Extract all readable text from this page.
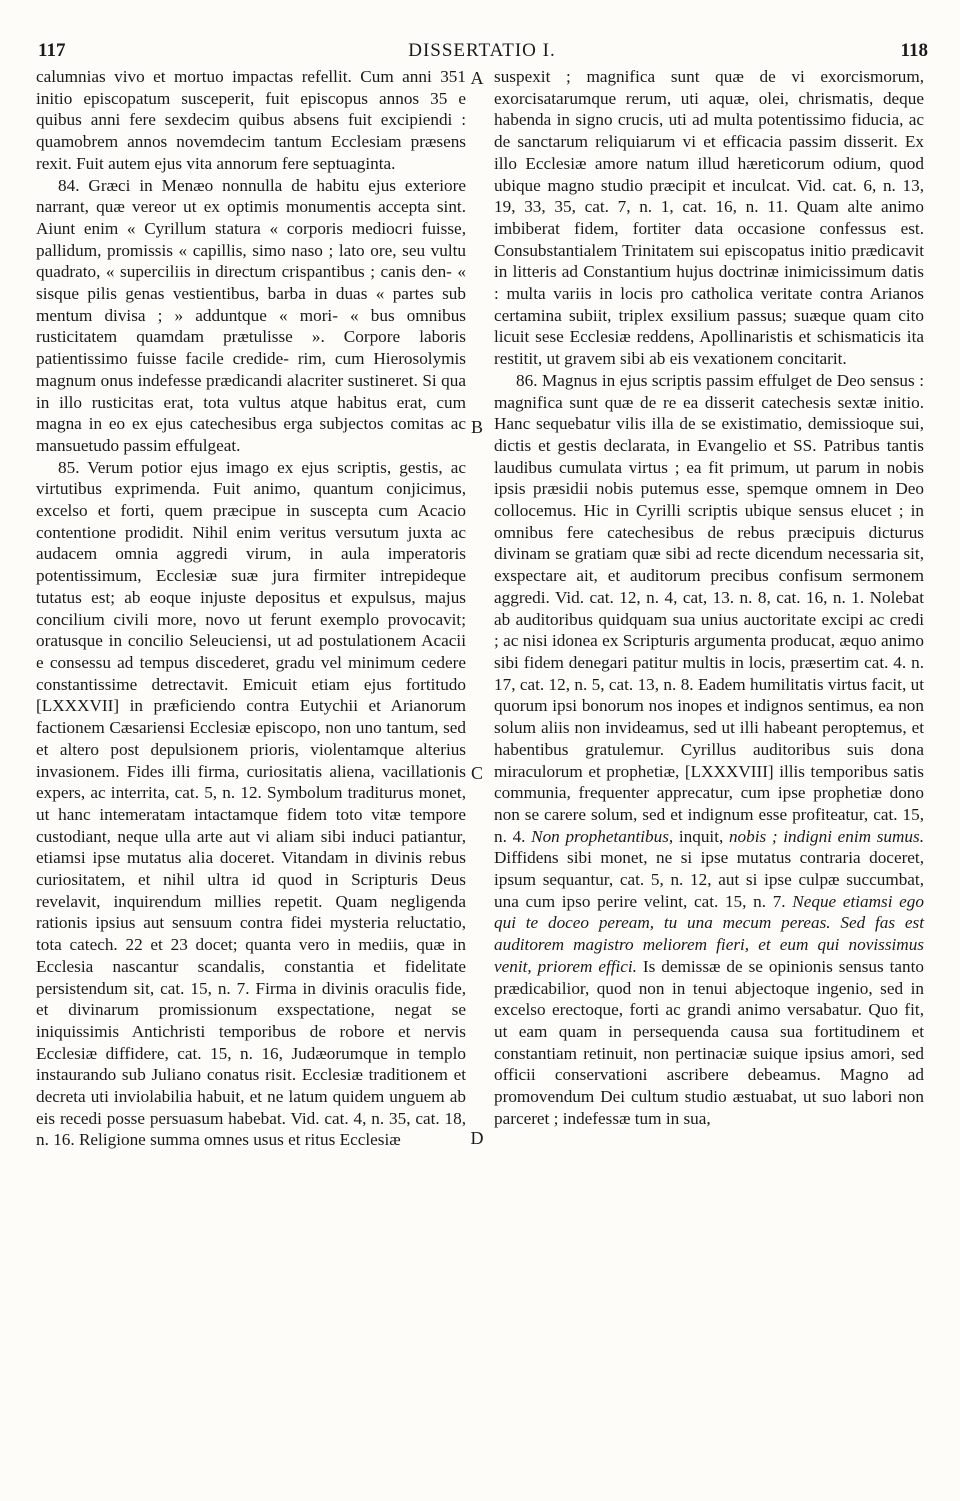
117	DISSERTATIO I.	118

calumnias vivo et mortuo impactas refellit. Cum anni 351 initio episcopatum susceperit, fuit episcopus annos 35 e quibus anni fere sexdecim quibus absens fuit excipiendi : quamobrem annos novemdecim tantum Ecclesiam præsens rexit. Fuit autem ejus vita annorum fere septuaginta.

84. Græci in Menæo nonnulla de habitu ejus exteriore narrant, quæ vereor ut ex optimis monumentis accepta sint. Aiunt enim « Cyrillum statura « corporis mediocri fuisse, pallidum, promissis « capillis, simo naso ; lato ore, seu vultu quadrato, « superciliis in directum crispantibus ; canis den- « sisque pilis genas vestientibus, barba in duas « partes sub mentum divisa ; » adduntque « mori- « bus omnibus rusticitatem quamdam prætulisse ». Corpore laboris patientissimo fuisse facile credide- rim, cum Hierosolymis magnum onus indefesse prædicandi alacriter sustineret. Si qua in illo rusticitas erat, tota vultus atque habitus erat, cum magna in eo ex ejus catechesibus erga subjectos comitas ac mansuetudo passim effulgeat.

85. Verum potior ejus imago ex ejus scriptis, gestis, ac virtutibus exprimenda. Fuit animo, quantum conjicimus, excelso et forti, quem præcipue in suscepta cum Acacio contentione prodidit. Nihil enim veritus versutum juxta ac audacem omnia aggredi virum, in aula imperatoris potentissimum, Ecclesiæ suæ jura firmiter intrepideque tutatus est; ab eoque injuste depositus et expulsus, majus concilium civili more, novo ut ferunt exemplo provocavit; oratusque in concilio Seleuciensi, ut ad postulationem Acacii e consessu ad tempus discederet, gradu vel minimum cedere constantissime detrectavit. Emicuit etiam ejus fortitudo [LXXXVII] in præficiendo contra Eutychii et Arianorum factionem Cæsariensi Ecclesiæ episcopo, non uno tantum, sed et altero post depulsionem prioris, violentamque alterius invasionem. Fides illi firma, curiositatis aliena, vacillationis expers, ac interrita, cat. 5, n. 12. Symbolum traditurus monet, ut hanc intemeratam intactamque fidem toto vitæ tempore custodiant, neque ulla arte aut vi aliam sibi induci patiantur, etiamsi ipse mutatus alia doceret. Vitandam in divinis rebus curiositatem, et nihil ultra id quod in Scripturis Deus revelavit, inquirendum millies repetit. Quam negligenda rationis ipsius aut sensuum contra fidei mysteria reluctatio, tota catech. 22 et 23 docet; quanta vero in mediis, quæ in Ecclesia nascantur scandalis, constantia et fidelitate persistendum sit, cat. 15, n. 7. Firma in divinis oraculis fide, et divinarum promissionum exspectatione, negat se iniquissimis Antichristi temporibus de robore et nervis Ecclesiæ diffidere, cat. 15, n. 16, Judæorumque in templo instaurando sub Juliano conatus risit. Ecclesiæ traditionem et decreta uti inviolabilia habuit, et ne latum quidem unguem ab eis recedi posse persuasum habebat. Vid. cat. 4, n. 35, cat. 18, n. 16. Religione summa omnes usus et ritus Ecclesiæ

A
B
C
D

suspexit ; magnifica sunt quæ de vi exorcismorum, exorcisatarumque rerum, uti aquæ, olei, chrismatis, deque habenda in signo crucis, uti ad multa potentissimo fiducia, ac de sanctarum reliquiarum vi et efficacia passim disserit. Ex illo Ecclesiæ amore natum illud hæreticorum odium, quod ubique magno studio præcipit et inculcat. Vid. cat. 6, n. 13, 19, 33, 35, cat. 7, n. 1, cat. 16, n. 11. Quam alte animo imbiberat fidem, fortiter data occasione confessus est. Consubstantialem Trinitatem sui episcopatus initio prædicavit in litteris ad Constantium hujus doctrinæ inimicissimum datis : multa variis in locis pro catholica veritate contra Arianos certamina subiit, triplex exsilium passus; suæque quam cito licuit sese Ecclesiæ reddens, Apollinaristis et schismaticis ita restitit, ut gravem sibi ab eis vexationem concitarit.

86. Magnus in ejus scriptis passim effulget de Deo sensus : magnifica sunt quæ de re ea disserit catechesis sextæ initio. Hanc sequebatur vilis illa de se existimatio, demissioque sui, dictis et gestis declarata, in Evangelio et SS. Patribus tantis laudibus cumulata virtus ; ea fit primum, ut parum in nobis ipsis præsidii nobis putemus esse, spemque omnem in Deo collocemus. Hic in Cyrilli scriptis ubique sensus elucet ; in omnibus fere catechesibus de rebus præcipuis dicturus divinam se gratiam quæ sibi ad recte dicendum necessaria sit, exspectare ait, et auditorum precibus confisum sermonem aggredi. Vid. cat. 12, n. 4, cat, 13. n. 8, cat. 16, n. 1. Nolebat ab auditoribus quidquam sua unius auctoritate excipi ac credi ; ac nisi idonea ex Scripturis argumenta producat, æquo animo sibi fidem denegari patitur multis in locis, præsertim cat. 4. n. 17, cat. 12, n. 5, cat. 13, n. 8. Eadem humilitatis virtus facit, ut quorum ipsi bonorum nos inopes et indignos sentimus, ea non solum aliis non invideamus, sed ut illi habeant peroptemus, et habentibus gratulemur. Cyrillus auditoribus suis dona miraculorum et prophetiæ, [LXXXVIII] illis temporibus satis communia, frequenter apprecatur, cum ipse prophetiæ dono non se carere solum, sed et indignum esse profiteatur, cat. 15, n. 4. Non prophetantibus, inquit, nobis ; indigni enim sumus. Diffidens sibi monet, ne si ipse mutatus contraria doceret, ipsum sequantur, cat. 5, n. 12, aut si ipse culpæ succumbat, una cum ipso perire velint, cat. 15, n. 7. Neque etiamsi ego qui te doceo peream, tu una mecum pereas. Sed fas est auditorem magistro meliorem fieri, et eum qui novissimus venit, priorem effici. Is demissæ de se opinionis sensus tanto prædicabilior, quod non in tenui abjectoque ingenio, sed in excelso erectoque, forti ac grandi animo versabatur. Quo fit, ut eam quam in persequenda causa sua fortitudinem et constantiam retinuit, non pertinaciæ suique ipsius amori, sed officii conservationi ascribere debeamus. Magno ad promovendum Dei cultum studio æstuabat, ut suo labori non parceret ; indefessæ tum in sua,
